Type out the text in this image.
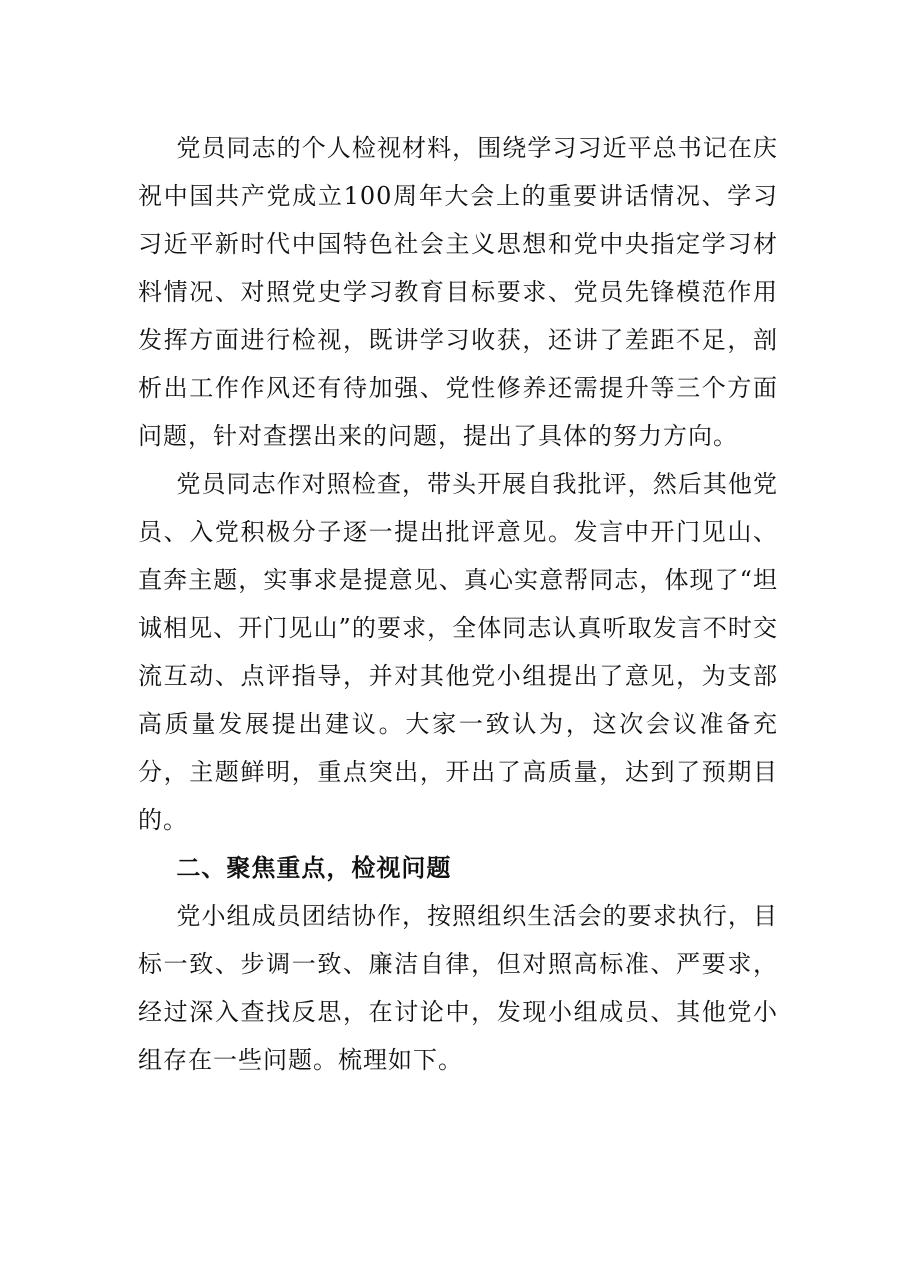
党员同志的个人检视材料，围绕学习习近平总书记在庆祝中国共产党成立100周年大会上的重要讲话情况、学习习近平新时代中国特色社会主义思想和党中央指定学习材料情况、对照党史学习教育目标要求、党员先锋模范作用发挥方面进行检视，既讲学习收获，还讲了差距不足，剖析出工作作风还有待加强、党性修养还需提升等三个方面问题，针对查摆出来的问题，提出了具体的努力方向。

党员同志作对照检查，带头开展自我批评，然后其他党员、入党积极分子逐一提出批评意见。发言中开门见山、直奔主题，实事求是提意见、真心实意帮同志，体现了“坦诚相见、开门见山”的要求，全体同志认真听取发言不时交流互动、点评指导，并对其他党小组提出了意见，为支部高质量发展提出建议。大家一致认为，这次会议准备充分，主题鲜明，重点突出，开出了高质量，达到了预期目的。

二、聚焦重点，检视问题

党小组成员团结协作，按照组织生活会的要求执行，目标一致、步调一致、廉洁自律，但对照高标准、严要求，经过深入查找反思，在讨论中，发现小组成员、其他党小组存在一些问题。梳理如下。
